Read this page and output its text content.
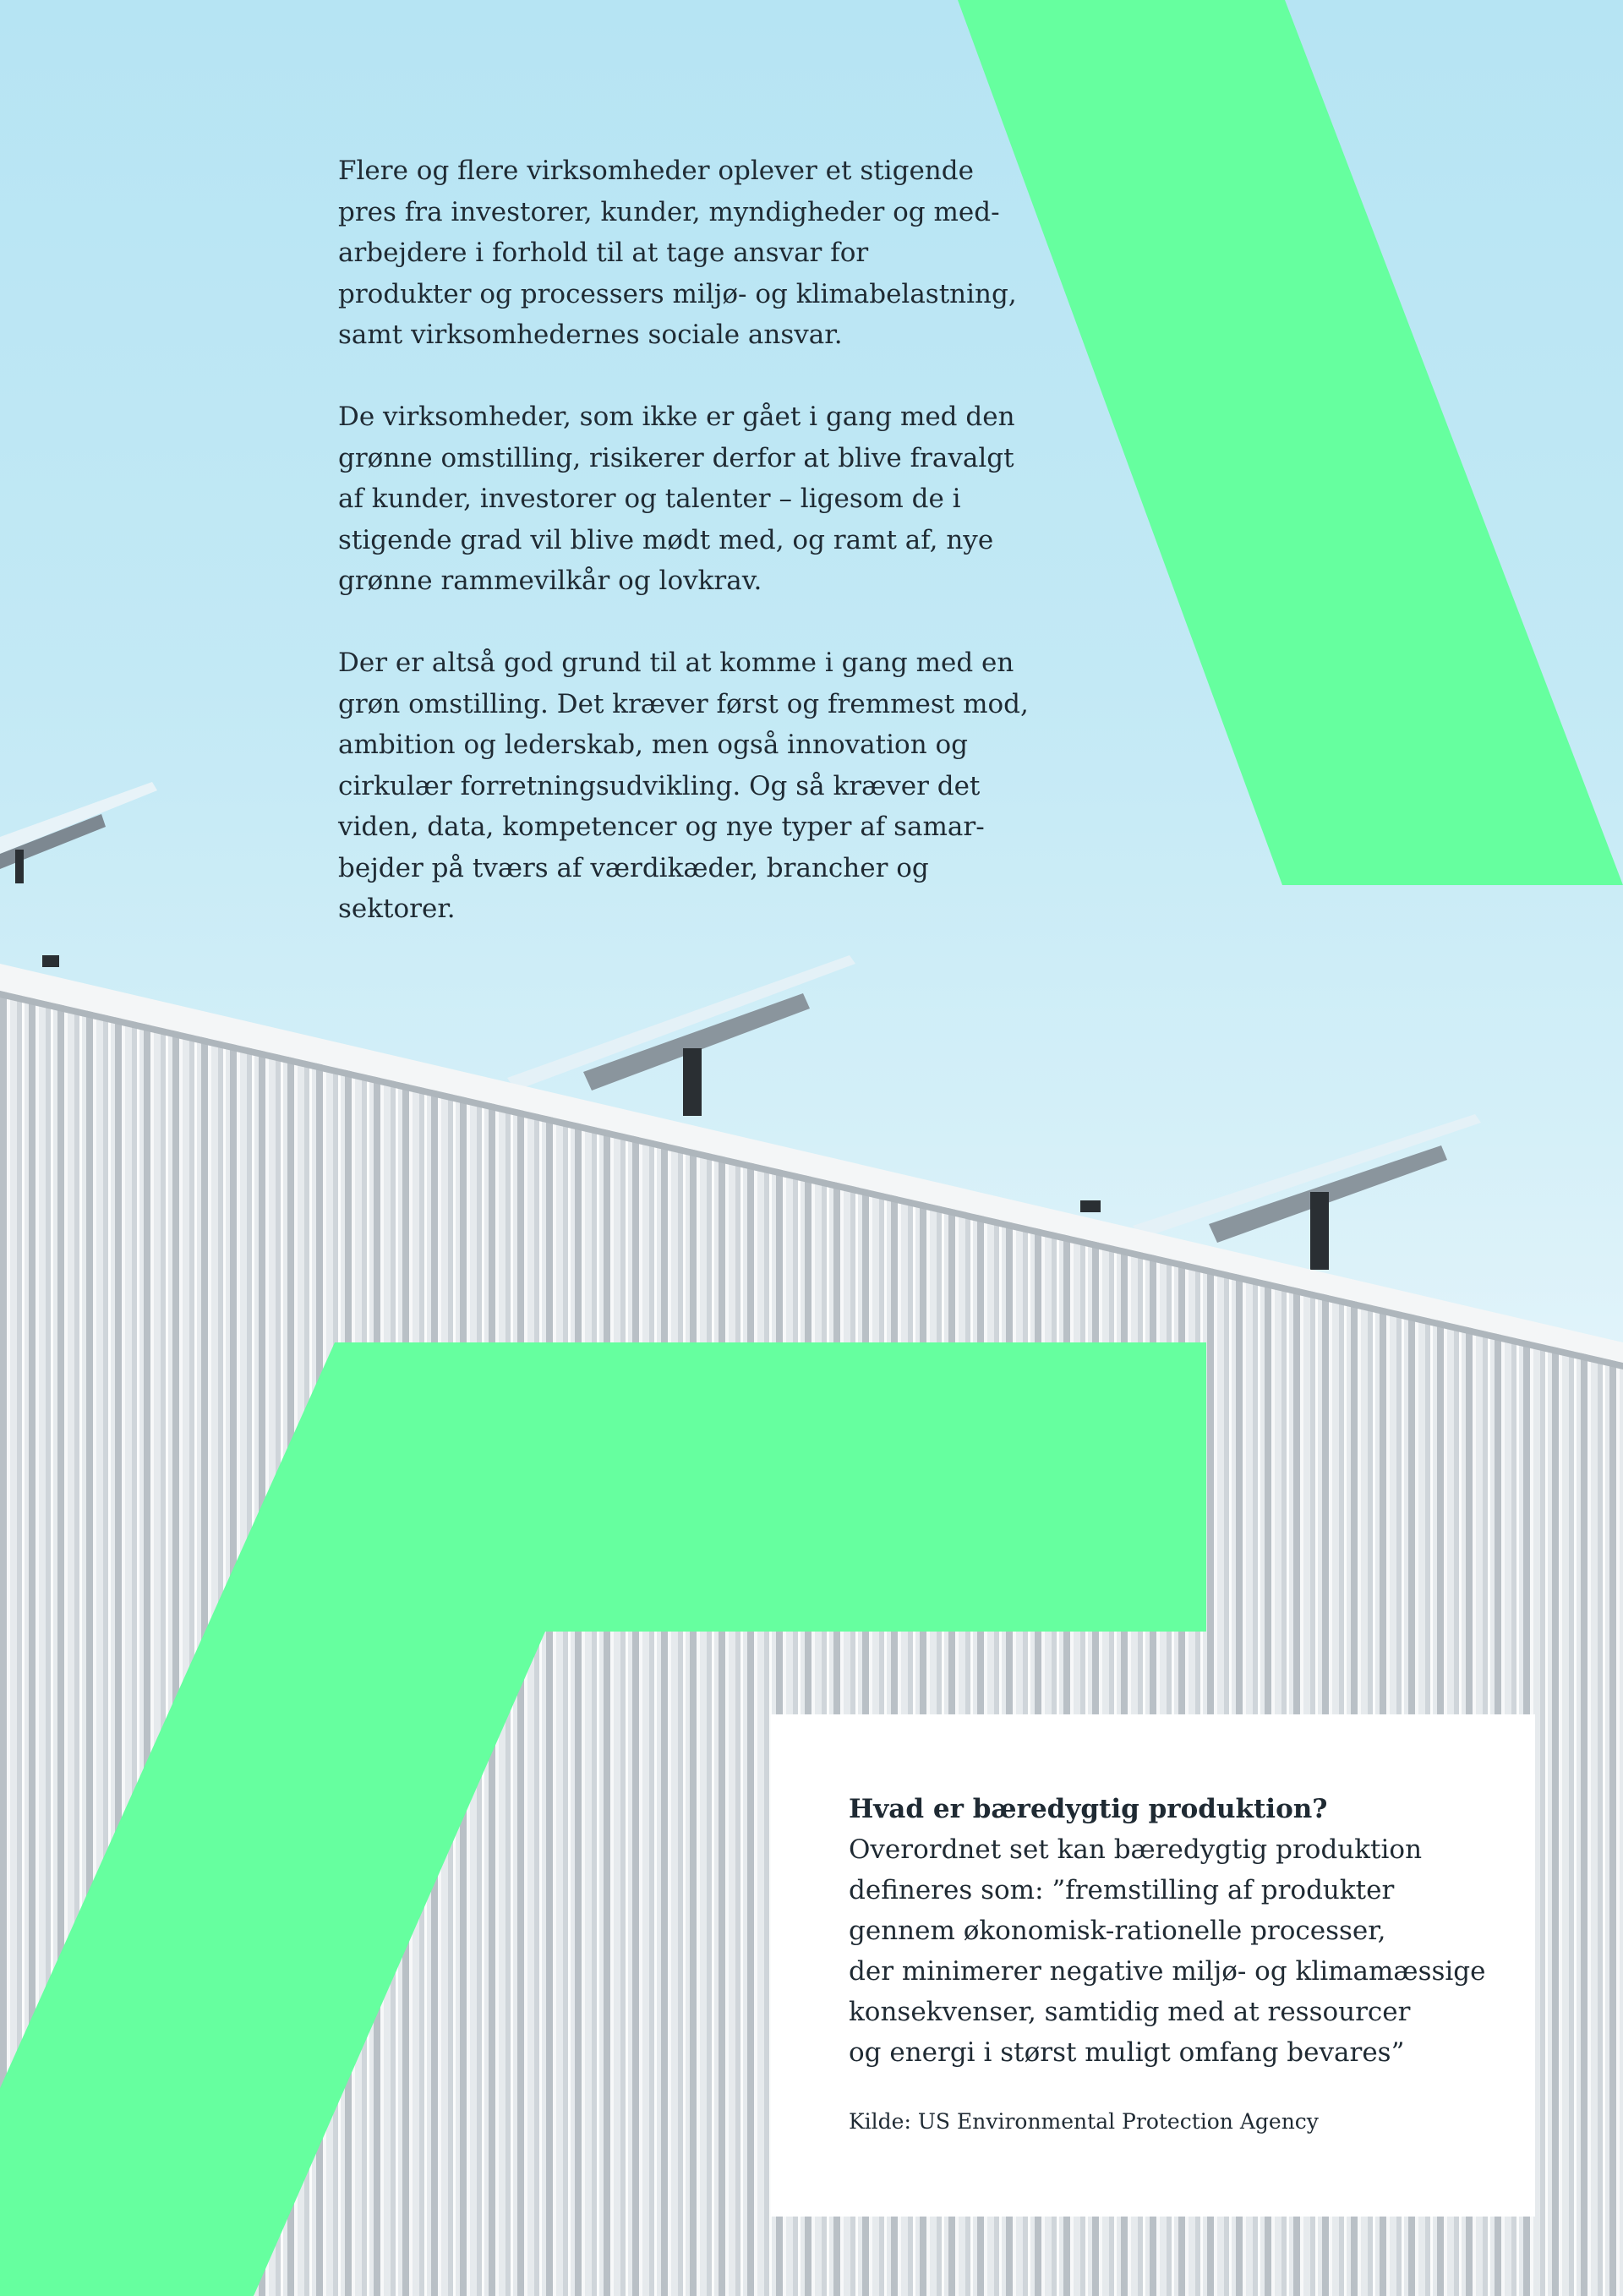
Flere og flere virksomheder oplever et stigende
pres fra investorer, kunder, myndigheder og med-
arbejdere i forhold til at tage ansvar for
produkter og processers miljø- og klimabelastning,
samt virksomhedernes sociale ansvar.

De virksomheder, som ikke er gået i gang med den
grønne omstilling, risikerer derfor at blive fravalgt
af kunder, investorer og talenter – ligesom de i
stigende grad vil blive mødt med, og ramt af, nye
grønne rammevilkår og lovkrav.

Der er altså god grund til at komme i gang med en
grøn omstilling. Det kræver først og fremmest mod,
ambition og lederskab, men også innovation og
cirkulær forretningsudvikling. Og så kræver det
viden, data, kompetencer og nye typer af samar-
bejder på tværs af værdikæder, brancher og sektorer.

Hvad er bæredygtig produktion?

Overordnet set kan bæredygtig produktion
defineres som: ”fremstilling af produkter
gennem økonomisk-rationelle processer,
der minimerer negative miljø- og klimamæssige
konsekvenser, samtidig med at ressourcer
og energi i størst muligt omfang bevares”

Kilde: US Environmental Protection Agency
